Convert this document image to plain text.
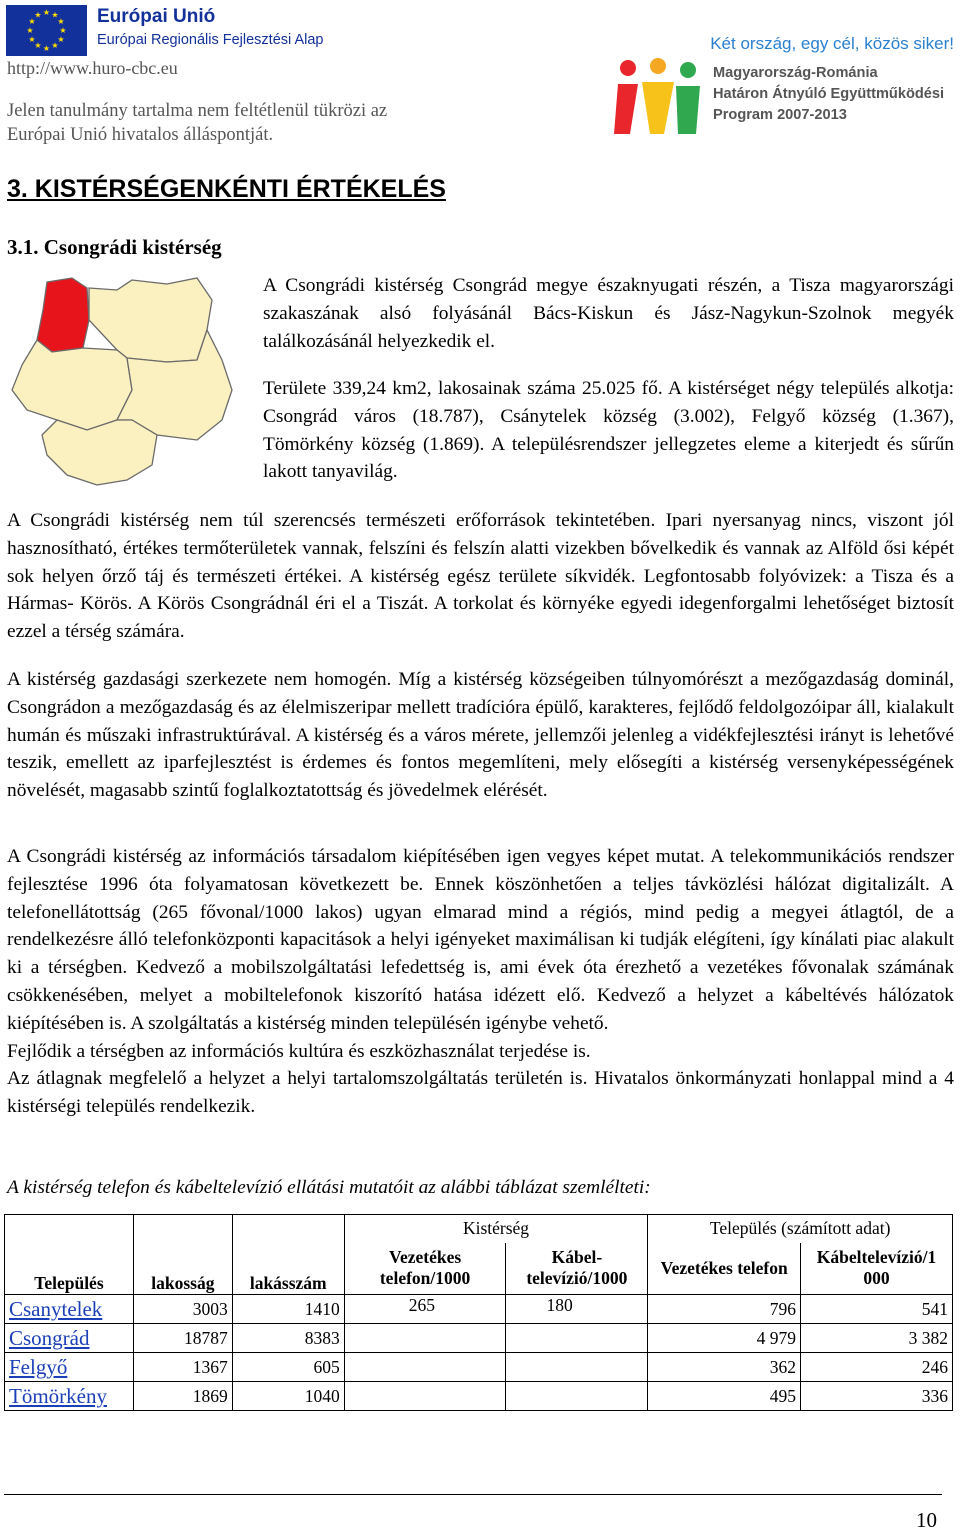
★ ★
★
★
★
★
★
★
★
★
★
★	Európai Unió
Európai Regionális Fejlesztési Alap
http://www.huro-cbc.eu
Jelen tanulmány tartalma nem feltétlenül tükrözi az
Európai Unió hivatalos álláspontját.
Két ország, egy cél, közös siker!
Magyarország-Románia
Határon Átnyúló Együttműködési
Program 2007-2013
3. KISTÉRSÉGENKÉNTI ÉRTÉKELÉS
3.1. Csongrádi kistérség

A Csongrádi kistérség Csongrád megye északnyugati részén, a Tisza magyarországi szakaszának alsó folyásánál Bács-Kiskun és Jász-Nagykun-Szolnok megyék találkozásánál helyezkedik el.

Területe 339,24 km2, lakosainak száma 25.025 fő. A kistérséget négy település alkotja: Csongrád város (18.787), Csánytelek község (3.002), Felgyő község (1.367), Tömörkény község (1.869). A településrendszer jellegzetes eleme a kiterjedt és sűrűn lakott tanyavilág.

A Csongrádi kistérség nem túl szerencsés természeti erőforrások tekintetében. Ipari nyersanyag nincs, viszont jól hasznosítható, értékes termőterületek vannak, felszíni és felszín alatti vizekben bővelkedik és vannak az Alföld ősi képét sok helyen őrző táj és természeti értékei. A kistérség egész területe síkvidék. Legfontosabb folyóvizek: a Tisza és a Hármas- Körös. A Körös Csongrádnál éri el a Tiszát. A torkolat és környéke egyedi idegenforgalmi lehetőséget biztosít ezzel a térség számára.

A kistérség gazdasági szerkezete nem homogén. Míg a kistérség községeiben túlnyomórészt a mezőgazdaság dominál, Csongrádon a mezőgazdaság és az élelmiszeripar mellett tradícióra épülő, karakteres, fejlődő feldolgozóipar áll, kialakult humán és műszaki infrastruktúrával. A kistérség és a város mérete, jellemzői jelenleg a vidékfejlesztési irányt is lehetővé teszik, emellett az iparfejlesztést is érdemes és fontos megemlíteni, mely elősegíti a kistérség versenyképességének növelését, magasabb szintű foglalkoztatottság és jövedelmek elérését.

A Csongrádi kistérség az információs társadalom kiépítésében igen vegyes képet mutat. A telekommunikációs rendszer fejlesztése 1996 óta folyamatosan következett be. Ennek köszönhetően a teljes távközlési hálózat digitalizált. A telefonellátottság (265 fővonal/1000 lakos) ugyan elmarad mind a régiós, mind pedig a megyei átlagtól, de a rendelkezésre álló telefonközponti kapacitások a helyi igényeket maximálisan ki tudják elégíteni, így kínálati piac alakult ki a térségben. Kedvező a mobilszolgáltatási lefedettség is, ami évek óta érezhető a vezetékes fővonalak számának csökkenésében, melyet a mobiltelefonok kiszorító hatása idézett elő. Kedvező a helyzet a kábeltévés hálózatok kiépítésében is. A szolgáltatás a kistérség minden településén igénybe vehető.

Fejlődik a térségben az információs kultúra és eszközhasználat terjedése is.

Az átlagnak megfelelő a helyzet a helyi tartalomszolgáltatás területén is. Hivatalos önkormányzati honlappal mind a 4 kistérségi település rendelkezik.

A kistérség telefon és kábeltelevízió ellátási mutatóit az alábbi táblázat szemlélteti:
			Kistérség		Település (számított adat)	
Település	lakosság	lakásszám	Vezetékes telefon/1000	Kábel-televízió/1000	Vezetékes telefon	Kábeltelevízió/1 000
Csanytelek	3003	1410	265	180	796	541
Csongrád	18787	8383			4 979	3 382
Felgyő	1367	605			362	246
Tömörkény	1869	1040			495	336
10
